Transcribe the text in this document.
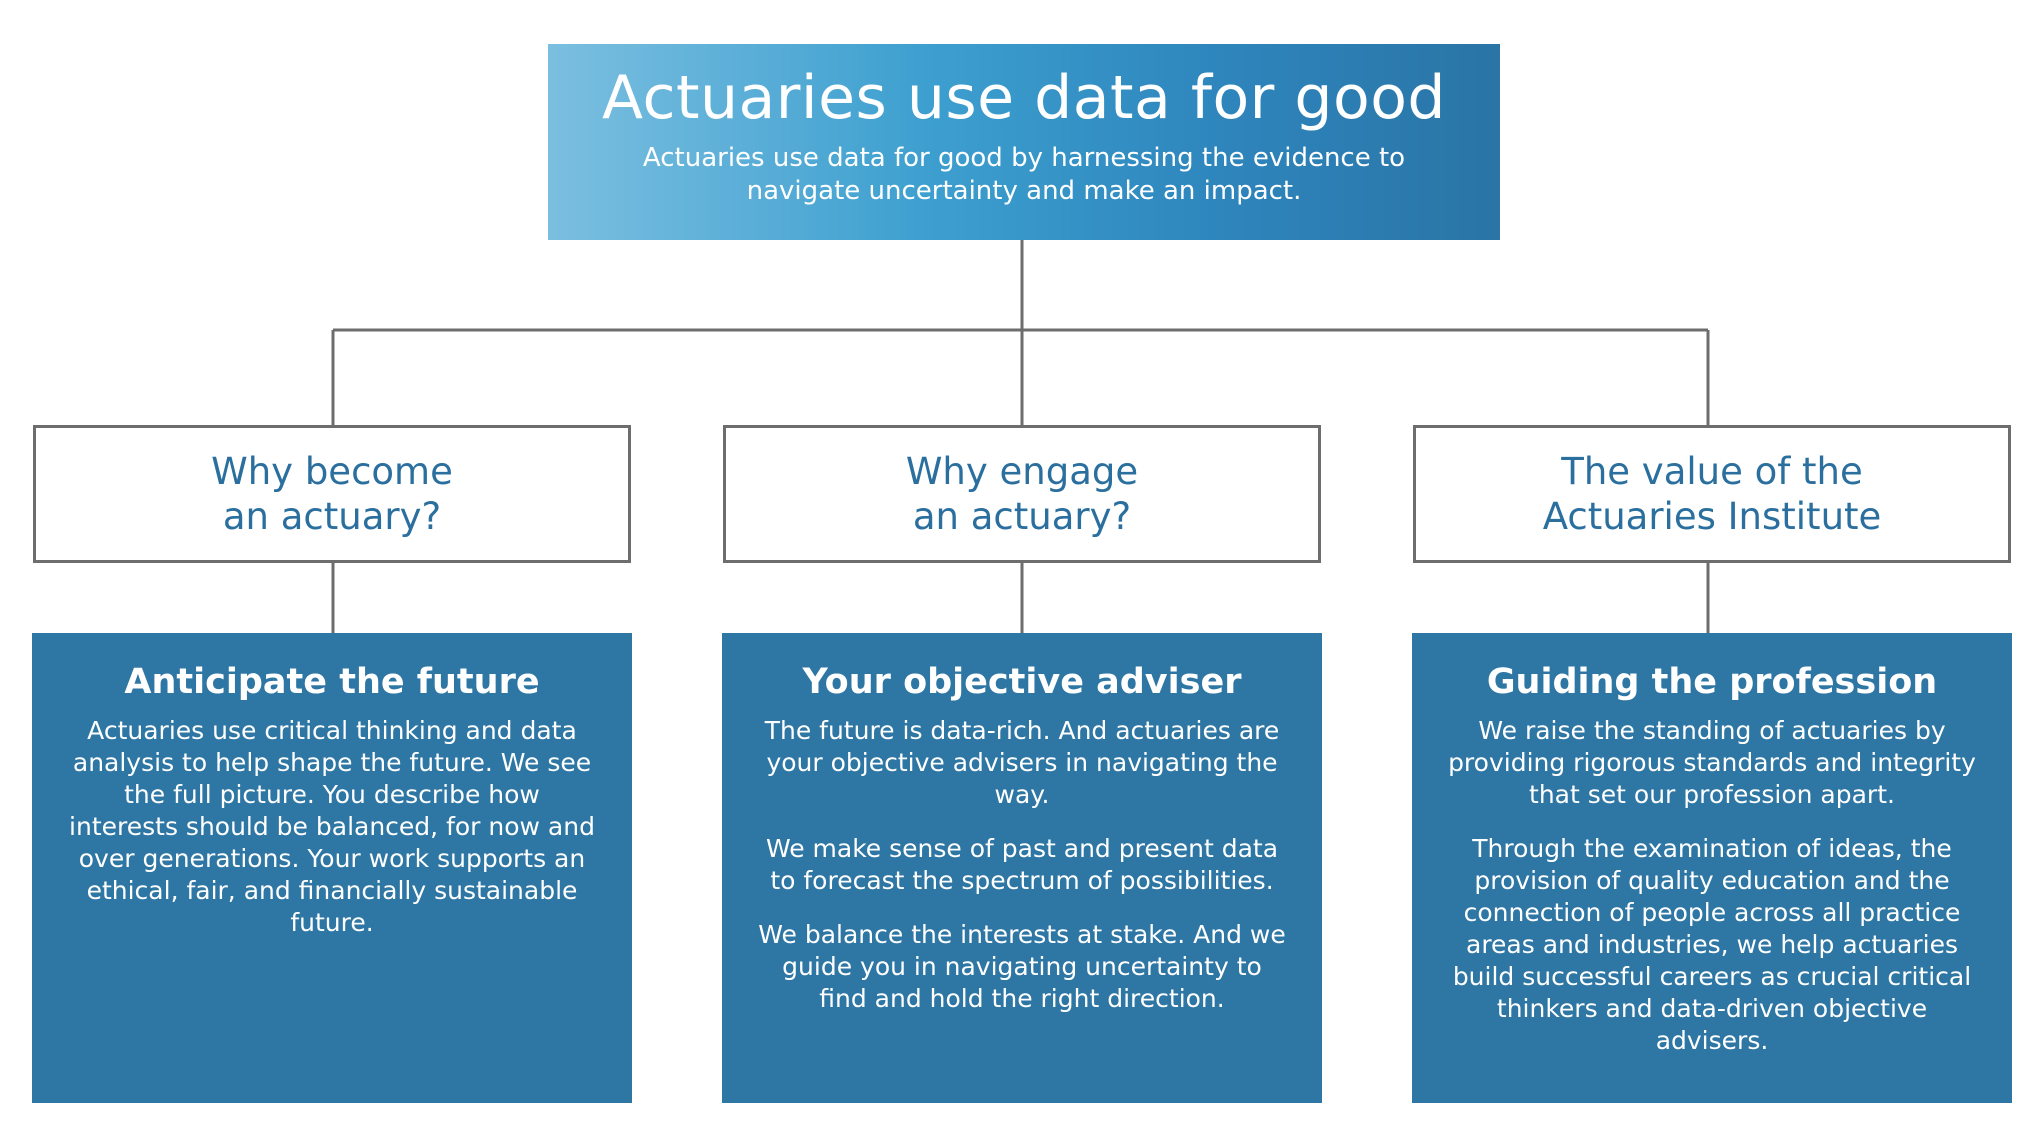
Actuaries use data for good
Actuaries use data for good by harnessing the evidence to navigate uncertainty and make an impact.
Why become
an actuary?
Why engage
an actuary?
The value of the
Actuaries Institute
Anticipate the future

Actuaries use critical thinking and data analysis to help shape the future. We see the full picture. You describe how interests should be balanced, for now and over generations. Your work supports an ethical, fair, and financially sustainable future.

Your objective adviser

The future is data-rich. And actuaries are your objective advisers in navigating the way.

We make sense of past and present data to forecast the spectrum of possibilities.

We balance the interests at stake. And we guide you in navigating uncertainty to find and hold the right direction.

Guiding the profession

We raise the standing of actuaries by providing rigorous standards and integrity that set our profession apart.

Through the examination of ideas, the provision of quality education and the connection of people across all practice areas and industries, we help actuaries build successful careers as crucial critical thinkers and data-driven objective advisers.
